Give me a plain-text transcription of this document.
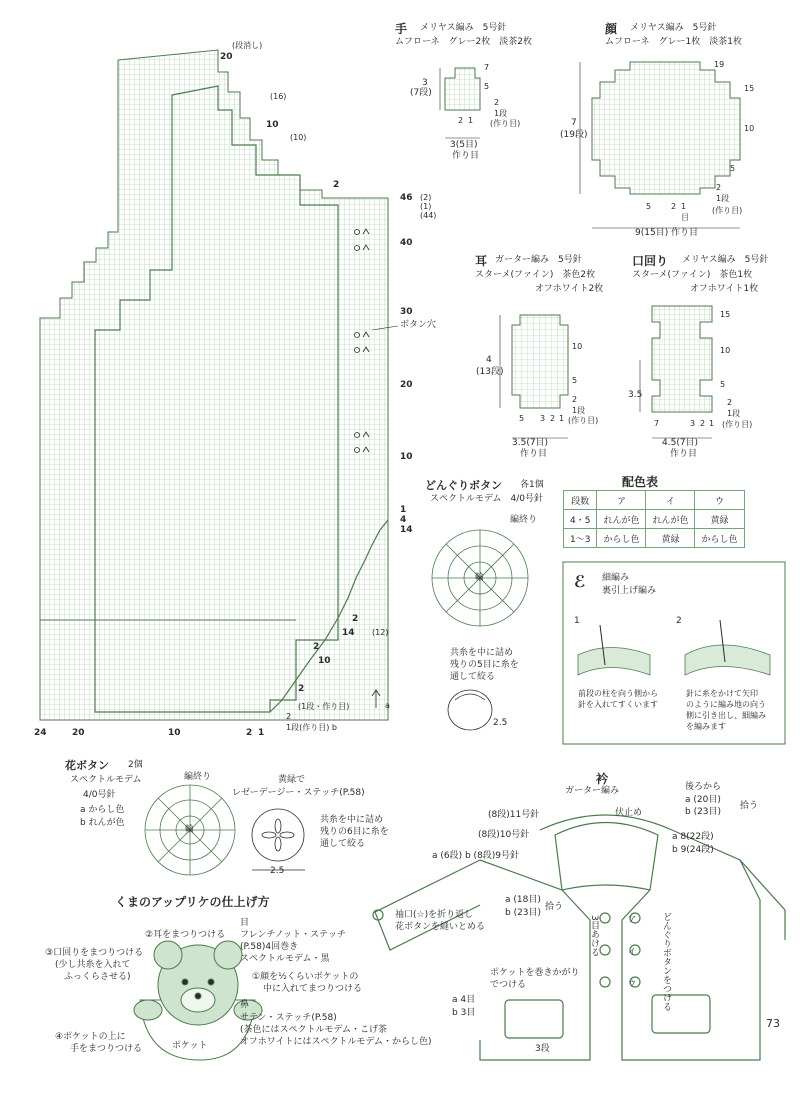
(段消し)
(16)
(10)
ボタン穴
20
10
2
46 (2)
(1)
(44)
40
30
20
10
1
4
14
2
14 (12)
2
10
2
(1段・作り目)	a
2
1段(作り目) b
24	20	10	2 1
手 メリヤス編み　5号針
ムフローネ　グレー2枚　淡茶2枚
3
(7段)
7
5
2
1段
(作り目)
2 1
3(5目)
作り目
顔 メリヤス編み　5号針
ムフローネ　グレー1枚　淡茶1枚
7
(19段)
19
15
10
5
2
1段
(作り目)
5 2 1
目
9(15目) 作り目
耳 ガーター編み　5号針
スターメ(ファイン)　茶色2枚
オフホワイト2枚
4
(13段)
10
5
2
1段
(作り目)
5 3 2 1
3.5(7目)
作り目
口回り メリヤス編み　5号針
スターメ(ファイン)　茶色1枚
オフホワイト1枚
3.5
15
10
5
2
1段
(作り目)
7	3 2 1
4.5(7目)
作り目
どんぐりボタン 各1個
スペクトルモデム　4/0号針
編終り
輪
共糸を中に詰め
残りの5目に糸を
通して絞る
2.5
配色表
段数	ア	イ	ウ
4・5	れんが色	れんが色	黄緑
1〜3	からし色	黄緑	からし色
ℰ 細編み
裏引上げ編み
1	2
前段の柱を向う側から
針を入れてすくいます
針に糸をかけて矢印
のように編み地の向う
側に引き出し、細編み
を編みます
花ボタン 2個
スペクトルモデム
4/0号針
a からし色
b れんが色
編終り
輪
黄緑で
レゼーデージー・ステッチ(P.58)
共糸を中に詰め
残りの6目に糸を
通して絞る
2.5
衿
ガーター編み	後ろから
a (20目)
b (23目)
拾う
伏止め
(8段)11号針
(8段)10号針
a (6段) b (8段)9号針
a 8(22段)
b 9(24段)
a (18目)
b (23目)
拾う
袖口(☆)を折り返し
花ボタンを縫いとめる	3目あける	どんぐりボタンをつける
ポケットを巻きかがり
でつける
a 4目
b 3目
3段
ア
イ
ウ
くまのアップリケの仕上げ方
目
フレンチノット・ステッチ
(P.58)4回巻き
スペクトルモデム・黒
②耳をまつりつける
③口回りをまつりつける
(少し共糸を入れて
ふっくらさせる)	①顔を½くらいポケットの
中に入れてまつりつける
鼻
サテン・ステッチ(P.58)
(茶色にはスペクトルモデム・こげ茶
オフホワイトにはスペクトルモデム・からし色)
④ポケットの上に
手をまつりつける	ポケット
73
